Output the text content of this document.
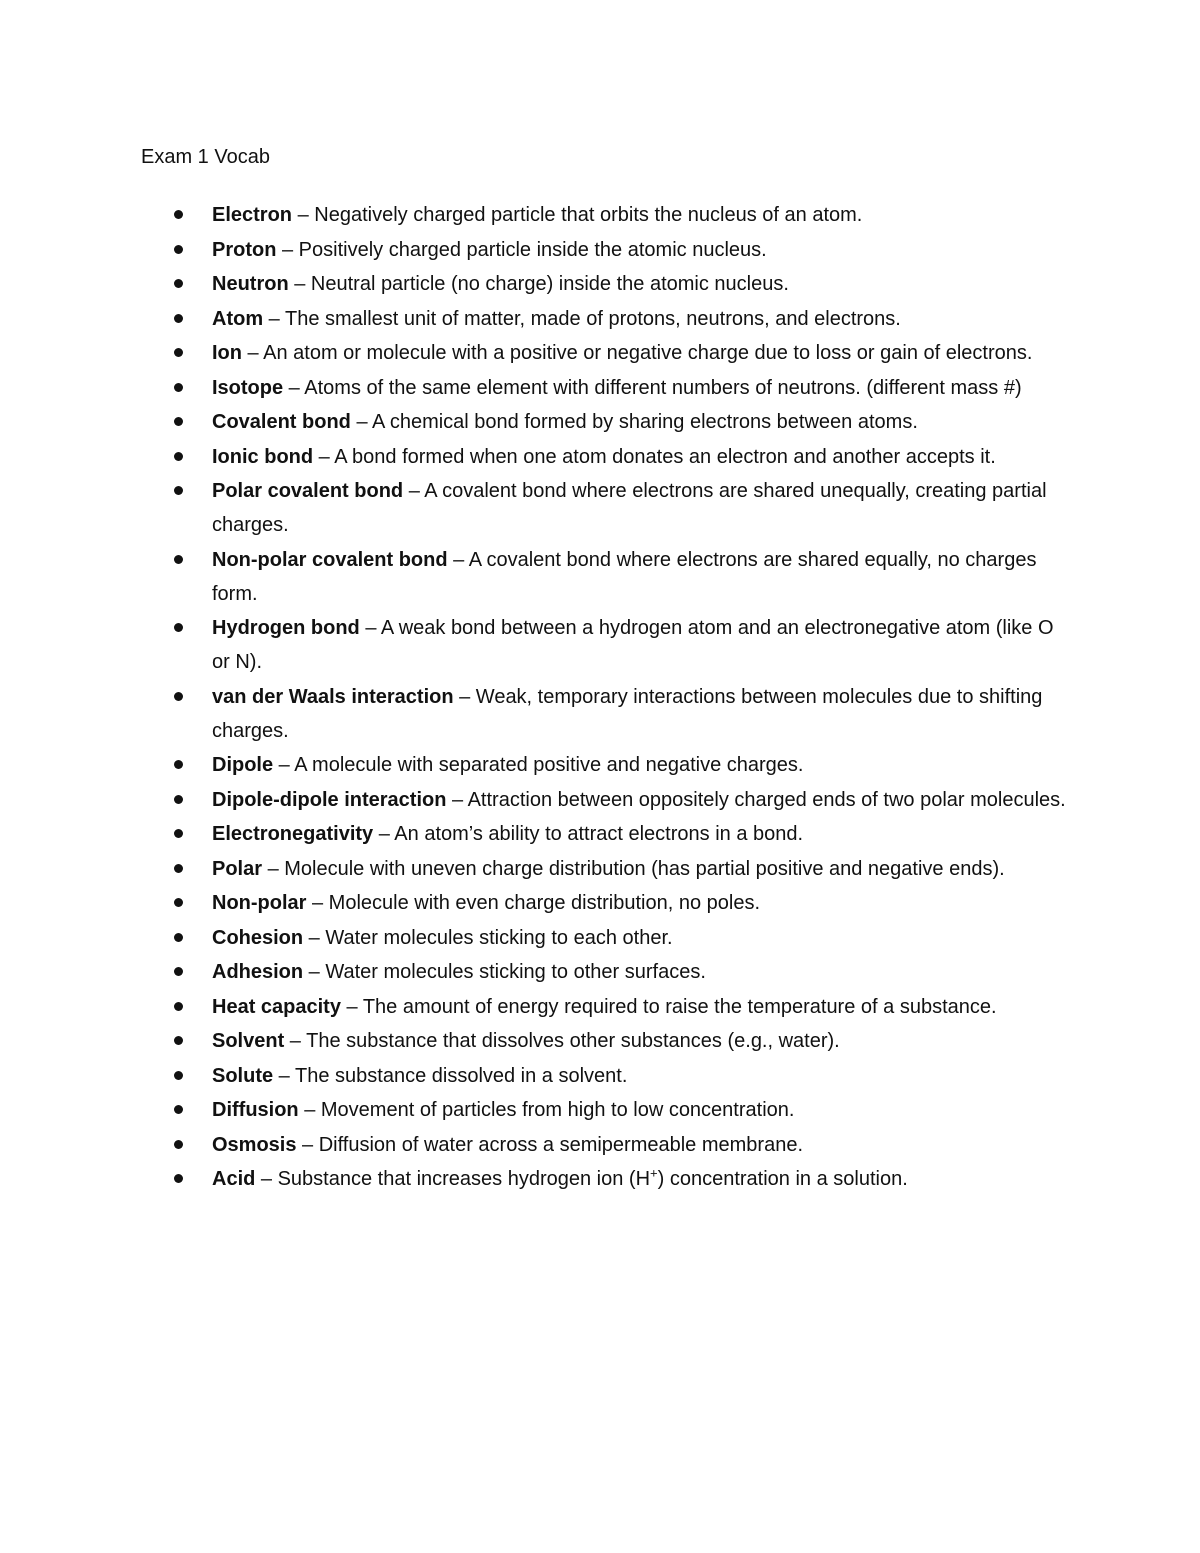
Exam 1 Vocab
Electron – Negatively charged particle that orbits the nucleus of an atom.
Proton – Positively charged particle inside the atomic nucleus.
Neutron – Neutral particle (no charge) inside the atomic nucleus.
Atom – The smallest unit of matter, made of protons, neutrons, and electrons.
Ion – An atom or molecule with a positive or negative charge due to loss or gain of electrons.
Isotope – Atoms of the same element with different numbers of neutrons. (different mass #)
Covalent bond – A chemical bond formed by sharing electrons between atoms.
Ionic bond – A bond formed when one atom donates an electron and another accepts it.
Polar covalent bond – A covalent bond where electrons are shared unequally, creating partial charges.
Non-polar covalent bond – A covalent bond where electrons are shared equally, no charges form.
Hydrogen bond – A weak bond between a hydrogen atom and an electronegative atom (like O or N).
van der Waals interaction – Weak, temporary interactions between molecules due to shifting charges.
Dipole – A molecule with separated positive and negative charges.
Dipole-dipole interaction – Attraction between oppositely charged ends of two polar molecules.
Electronegativity – An atom’s ability to attract electrons in a bond.
Polar – Molecule with uneven charge distribution (has partial positive and negative ends).
Non-polar – Molecule with even charge distribution, no poles.
Cohesion – Water molecules sticking to each other.
Adhesion – Water molecules sticking to other surfaces.
Heat capacity – The amount of energy required to raise the temperature of a substance.
Solvent – The substance that dissolves other substances (e.g., water).
Solute – The substance dissolved in a solvent.
Diffusion – Movement of particles from high to low concentration.
Osmosis – Diffusion of water across a semipermeable membrane.
Acid – Substance that increases hydrogen ion (H+) concentration in a solution.
